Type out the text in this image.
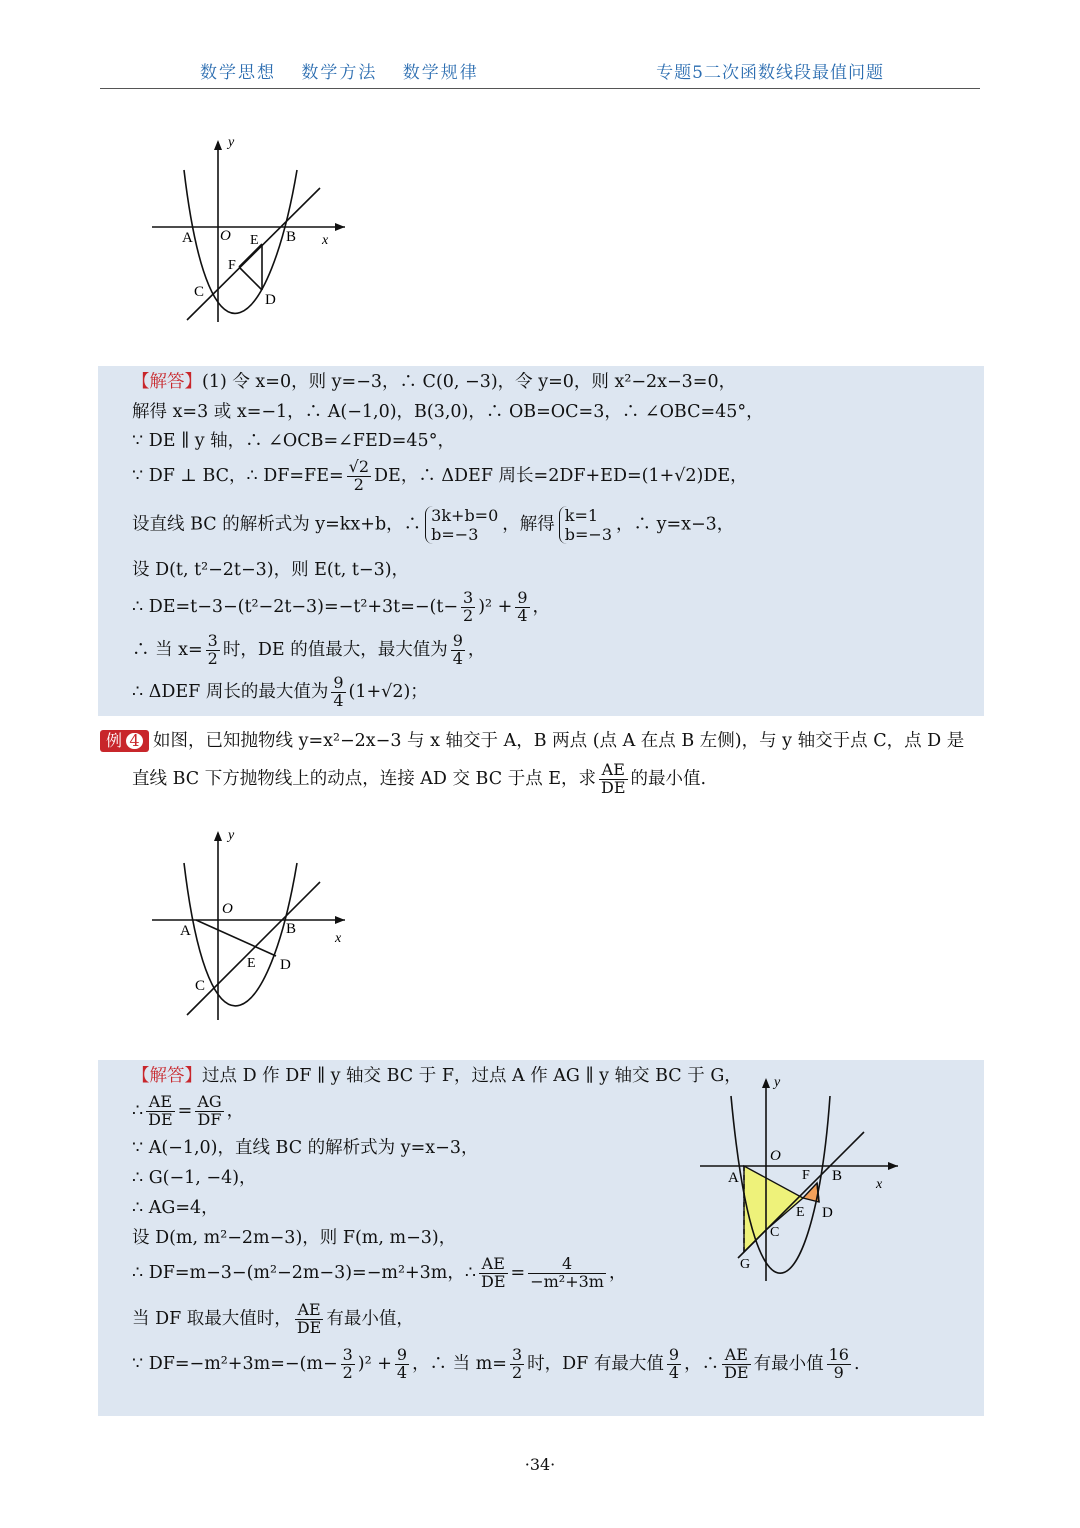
数学思想 数学方法 数学规律	专题5二次函数线段最值问题
y
x
A O E B
F
C	D
【解答】(1) 令 x=0，则 y=−3，∴ C(0, −3)，令 y=0，则 x²−2x−3=0，
解得 x=3 或 x=−1，∴ A(−1,0)，B(3,0)，∴ OB=OC=3，∴ ∠OBC=45°，
∵ DE ∥ y 轴，∴ ∠OCB=∠FED=45°，
∵ DF ⊥ BC，∴ $DF=FE= \frac{√2}{2}$ DE，∴ ΔDEF 周长=2DF+ED=(1+√2)DE，
设直线 BC 的解析式为 y=kx+b，∴ 3k+b=0
b=−3	，解得 k=1
b=−3 ，∴ y=x−3，
设 D(t, t²−2t−3)，则 E(t, t−3)，
∴ $DE=t-3-(t^2-2t-3)=-t^2+3t=-(t- \frac{3}{2} )^2 + \frac{9}{4}$ ，
∴ 当 $x= \frac{3}{2}$ 时，DE 的值最大，最大值为 $\frac{9}{4}$ ，
∴ ΔDEF 周长的最大值为 $\frac{9}{4} (1+√2)$；
例 4 如图，已知抛物线 y=x²−2x−3 与 x 轴交于 A，B 两点 (点 A 在点 B 左侧)，与 y 轴交于点 C，点 D 是
直线 BC 下方抛物线上的动点，连接 AD 交 BC 于点 E，求 $\frac{AE}{DE}$ 的最小值.
y
x
O
A	B
E D
C
【解答】过点 D 作 DF ∥ y 轴交 BC 于 F，过点 A 作 AG ∥ y 轴交 BC 于 G，
∴ $\frac{AE}{DE} = \frac{AG}{DF}$ ，
∵ A(−1,0)，直线 BC 的解析式为 y=x−3，
∴ G(−1, −4)，
∴ AG=4，
设 D(m, m²−2m−3)，则 F(m, m−3)，
∴ DF=m−3−(m²−2m−3)=−m²+3m，∴ $\frac{AE}{DE} = \frac{4}{\text{−m²+3m}}$ ，
当 DF 取最大值时， $\frac{AE}{DE}$ 有最小值，
∵ $DF=-m^2+3m=-(m- \frac{3}{2} )^2 + \frac{9}{4}$ ，∴ 当 $m= \frac{3}{2}$ 时，DF 有最大值 $\frac{9}{4}$ ，∴ $\frac{AE}{DE}$ 有最小值 $\frac{16}{9}$ .
y
x
O
A	F B
E D
C
G
·34·
